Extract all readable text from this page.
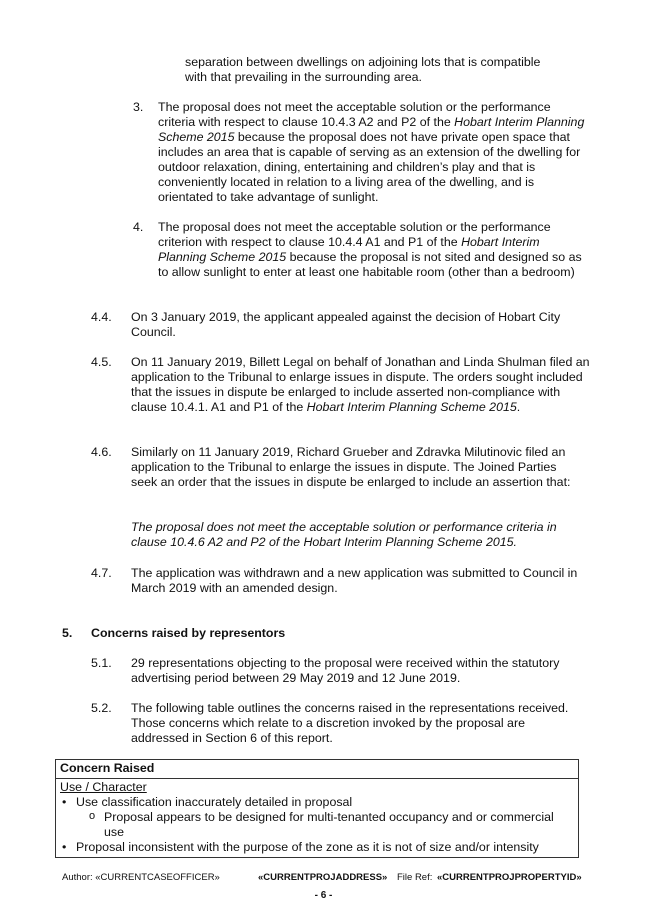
separation between dwellings on adjoining lots that is compatible
with that prevailing in the surrounding area.
3. The proposal does not meet the acceptable solution or the performance criteria with respect to clause 10.4.3 A2 and P2 of the Hobart Interim Planning Scheme 2015 because the proposal does not have private open space that includes an area that is capable of serving as an extension of the dwelling for outdoor relaxation, dining, entertaining and children’s play and that is conveniently located in relation to a living area of the dwelling, and is orientated to take advantage of sunlight.
4. The proposal does not meet the acceptable solution or the performance criterion with respect to clause 10.4.4 A1 and P1 of the Hobart Interim Planning Scheme 2015 because the proposal is not sited and designed so as to allow sunlight to enter at least one habitable room (other than a bedroom)
4.4. On 3 January 2019, the applicant appealed against the decision of Hobart City Council.
4.5. On 11 January 2019, Billett Legal on behalf of Jonathan and Linda Shulman filed an application to the Tribunal to enlarge issues in dispute. The orders sought included that the issues in dispute be enlarged to include asserted non-compliance with clause 10.4.1. A1 and P1 of the Hobart Interim Planning Scheme 2015.
4.6. Similarly on 11 January 2019, Richard Grueber and Zdravka Milutinovic filed an application to the Tribunal to enlarge the issues in dispute. The Joined Parties seek an order that the issues in dispute be enlarged to include an assertion that:
The proposal does not meet the acceptable solution or performance criteria in clause 10.4.6 A2 and P2 of the Hobart Interim Planning Scheme 2015.
4.7. The application was withdrawn and a new application was submitted to Council in March 2019 with an amended design.
5. Concerns raised by representors
5.1. 29 representations objecting to the proposal were received within the statutory advertising period between 29 May 2019 and 12 June 2019.
5.2. The following table outlines the concerns raised in the representations received. Those concerns which relate to a discretion invoked by the proposal are addressed in Section 6 of this report.
Concern Raised

Use / Character
• Use classification inaccurately detailed in proposal
o Proposal appears to be designed for multi-tenanted occupancy and or commercial use
• Proposal inconsistent with the purpose of the zone as it is not of size and/or intensity
Author: «CURRENTCASEOFFICER»	«CURRENTPROJADDRESS» File Ref: «CURRENTPROJPROPERTYID»
- 6 -
